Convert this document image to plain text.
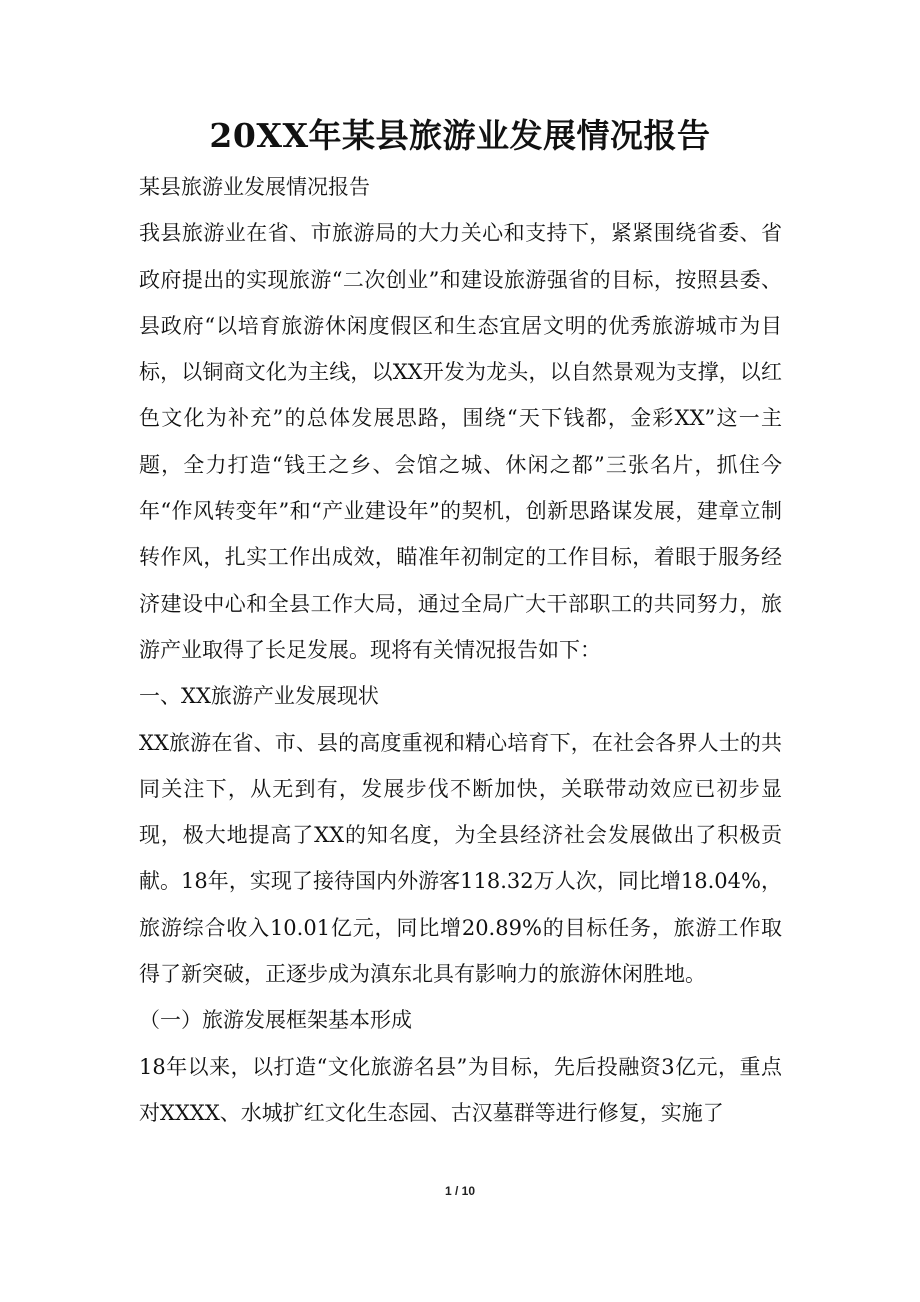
20XX年某县旅游业发展情况报告

某县旅游业发展情况报告

我县旅游业在省、市旅游局的大力关心和支持下，紧紧围绕省委、省政府提出的实现旅游“二次创业”和建设旅游强省的目标，按照县委、县政府“以培育旅游休闲度假区和生态宜居文明的优秀旅游城市为目标，以铜商文化为主线，以XX开发为龙头，以自然景观为支撑，以红色文化为补充”的总体发展思路，围绕“天下钱都，金彩XX”这一主题，全力打造“钱王之乡、会馆之城、休闲之都”三张名片，抓住今年“作风转变年”和“产业建设年”的契机，创新思路谋发展，建章立制转作风，扎实工作出成效，瞄准年初制定的工作目标，着眼于服务经济建设中心和全县工作大局，通过全局广大干部职工的共同努力，旅游产业取得了长足发展。现将有关情况报告如下：

一、XX旅游产业发展现状

XX旅游在省、市、县的高度重视和精心培育下，在社会各界人士的共同关注下，从无到有，发展步伐不断加快，关联带动效应已初步显现，极大地提高了XX的知名度，为全县经济社会发展做出了积极贡献。18年，实现了接待国内外游客118.32万人次，同比增18.04%，旅游综合收入10.01亿元，同比增20.89%的目标任务，旅游工作取得了新突破，正逐步成为滇东北具有影响力的旅游休闲胜地。

（一）旅游发展框架基本形成

18年以来，以打造“文化旅游名县”为目标，先后投融资3亿元，重点对XXXX、水城扩红文化生态园、古汉墓群等进行修复，实施了

1 / 10
